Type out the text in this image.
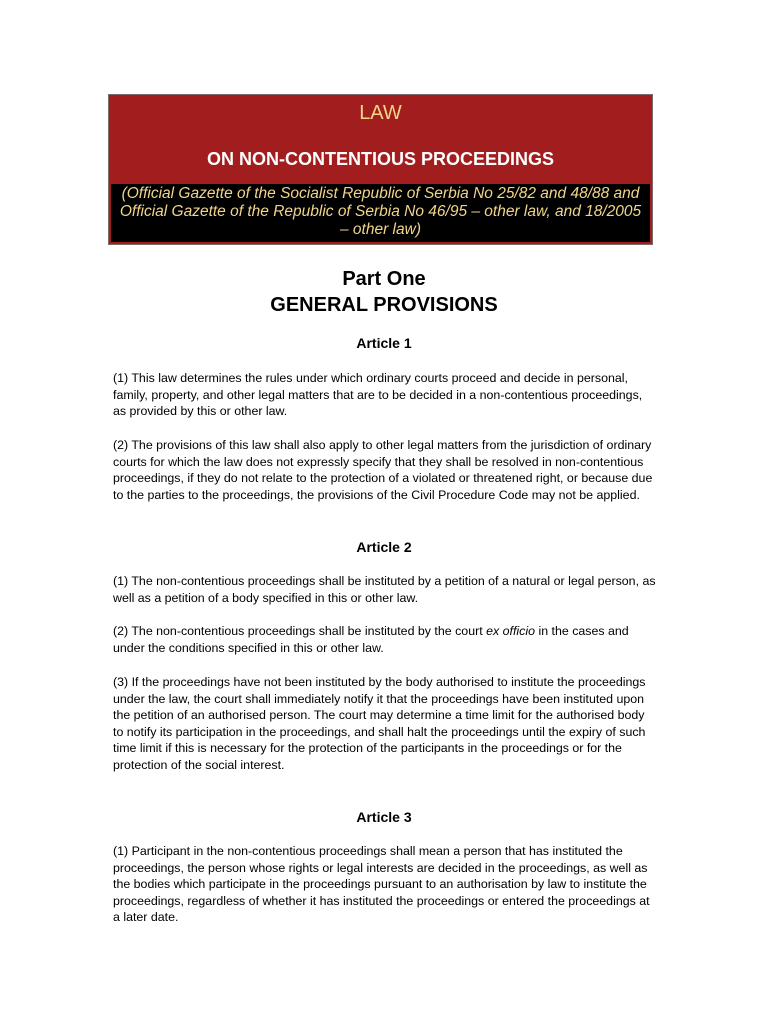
LAW
ON NON-CONTENTIOUS PROCEEDINGS
(Official Gazette of the Socialist Republic of Serbia No 25/82 and 48/88 and Official Gazette of the Republic of Serbia No 46/95 – other law, and 18/2005 – other law)
Part One
GENERAL PROVISIONS
Article 1

(1) This law determines the rules under which ordinary courts proceed and decide in personal, family, property, and other legal matters that are to be decided in a non-contentious proceedings, as provided by this or other law.

(2) The provisions of this law shall also apply to other legal matters from the jurisdiction of ordinary courts for which the law does not expressly specify that they shall be resolved in non-contentious proceedings, if they do not relate to the protection of a violated or threatened right, or because due to the parties to the proceedings, the provisions of the Civil Procedure Code may not be applied.

Article 2

(1) The non-contentious proceedings shall be instituted by a petition of a natural or legal person, as well as a petition of a body specified in this or other law.

(2) The non-contentious proceedings shall be instituted by the court ex officio in the cases and under the conditions specified in this or other law.

(3) If the proceedings have not been instituted by the body authorised to institute the proceedings under the law, the court shall immediately notify it that the proceedings have been instituted upon the petition of an authorised person. The court may determine a time limit for the authorised body to notify its participation in the proceedings, and shall halt the proceedings until the expiry of such time limit if this is necessary for the protection of the participants in the proceedings or for the protection of the social interest.

Article 3

(1) Participant in the non-contentious proceedings shall mean a person that has instituted the proceedings, the person whose rights or legal interests are decided in the proceedings, as well as the bodies which participate in the proceedings pursuant to an authorisation by law to institute the proceedings, regardless of whether it has instituted the proceedings or entered the proceedings at a later date.
